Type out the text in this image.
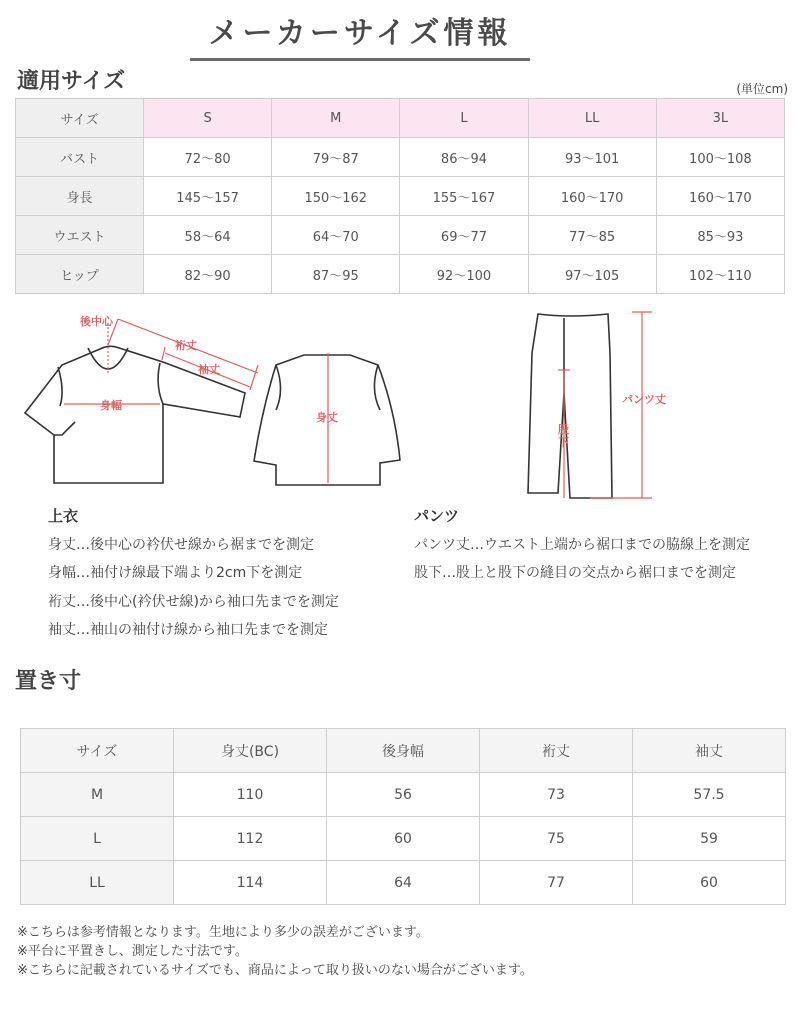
メーカーサイズ情報
適用サイズ	(単位cm)
サイズ	S	M	L	LL	3L
バスト	72〜80	79〜87	86〜94	93〜101	100〜108
身長	145〜157	150〜162	155〜167	160〜170	160〜170
ウエスト	58〜64	64〜70	69〜77	77〜85	85〜93
ヒップ	82〜90	87〜95	92〜100	97〜105	102〜110
後中心
裄丈
袖丈
身幅
身丈
パンツ丈
股
下
上衣
身丈…後中心の衿伏せ線から裾までを測定
身幅…袖付け線最下端より2cm下を測定
裄丈…後中心(衿伏せ線)から袖口先までを測定
袖丈…袖山の袖付け線から袖口先までを測定
パンツ
パンツ丈…ウエスト上端から裾口までの脇線上を測定
股下…股上と股下の縫目の交点から裾口までを測定
置き寸
サイズ	身丈(BC)	後身幅	裄丈	袖丈
M	110	56	73	57.5
L	112	60	75	59
LL	114	64	77	60
※こちらは参考情報となります。生地により多少の誤差がございます。
※平台に平置きし、測定した寸法です。
※こちらに記載されているサイズでも、商品によって取り扱いのない場合がございます。
